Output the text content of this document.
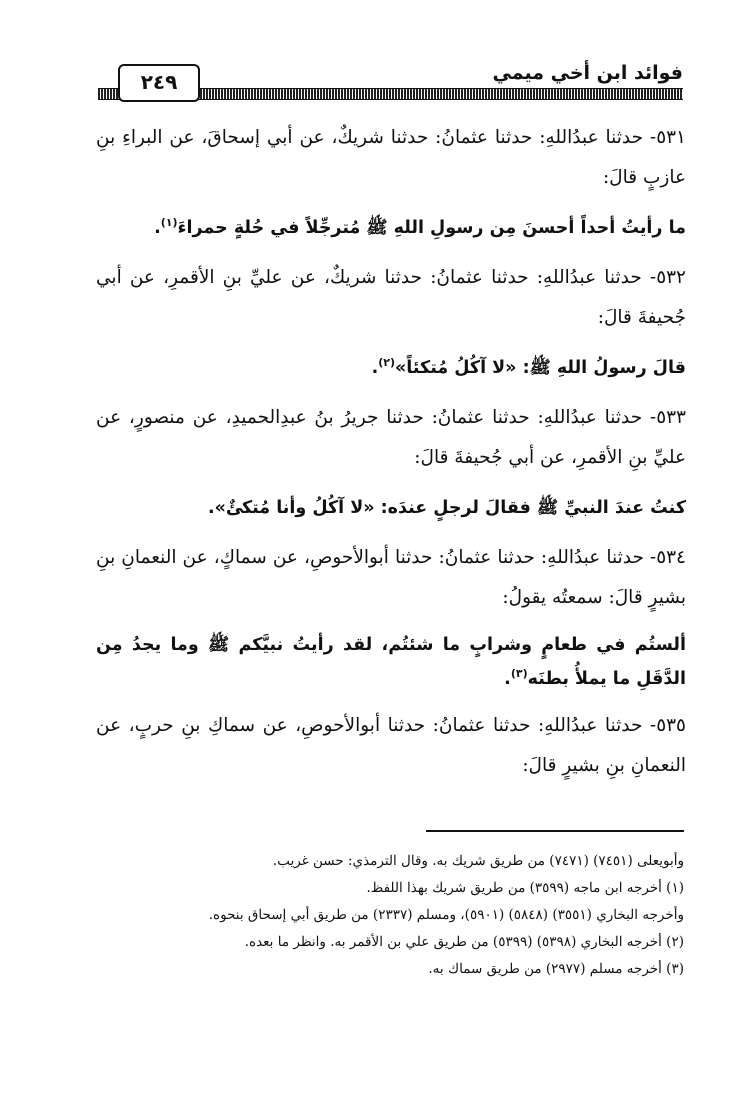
فوائد ابن أخي ميمي
٢٤٩

٥٣١- حدثنا عبدُاللهِ: حدثنا عثمانُ: حدثنا شريكٌ، عن أبي إسحاقَ، عن البراءِ بنِ عازبٍ قالَ:

ما رأيتُ أحداً أحسنَ مِن رسولِ اللهِ ﷺ مُترجِّلاً في حُلةٍ حمراءَ$^{(١)}$.

٥٣٢- حدثنا عبدُاللهِ: حدثنا عثمانُ: حدثنا شريكٌ، عن عليِّ بنِ الأقمرِ، عن أبي جُحيفةَ قالَ:

قالَ رسولُ اللهِ ﷺ: «لا آكُلُ مُتكئاً»$^{(٢)}$.

٥٣٣- حدثنا عبدُاللهِ: حدثنا عثمانُ: حدثنا جريرُ بنُ عبدِالحميدِ، عن منصورٍ، عن عليِّ بنِ الأقمرِ، عن أبي جُحيفةَ قالَ:

كنتُ عندَ النبيِّ ﷺ فقالَ لرجلٍ عندَه: «لا آكُلُ وأنا مُتكئٌ».

٥٣٤- حدثنا عبدُاللهِ: حدثنا عثمانُ: حدثنا أبوالأحوصِ، عن سماكٍ، عن النعمانِ بنِ بشيرٍ قالَ: سمعتُه يقولُ:

ألستُم في طعامٍ وشرابٍ ما شئتُم، لقد رأيتُ نبيَّكم ﷺ وما يجدُ مِن الدَّقَلِ ما يملأُ بطنَه$^{(٣)}$.

٥٣٥- حدثنا عبدُاللهِ: حدثنا عثمانُ: حدثنا أبوالأحوصِ، عن سماكِ بنِ حربٍ، عن النعمانِ بنِ بشيرٍ قالَ:

وأبويعلى (٧٤٥١) (٧٤٧١) من طريق شريك به. وقال الترمذي: حسن غريب.

(١) أخرجه ابن ماجه (٣٥٩٩) من طريق شريك بهذا اللفظ.

وأخرجه البخاري (٣٥٥١) (٥٨٤٨) (٥٩٠١)، ومسلم (٢٣٣٧) من طريق أبي إسحاق بنحوه.

(٢) أخرجه البخاري (٥٣٩٨) (٥٣٩٩) من طريق علي بن الأقمر به. وانظر ما بعده.

(٣) أخرجه مسلم (٢٩٧٧) من طريق سماك به.
